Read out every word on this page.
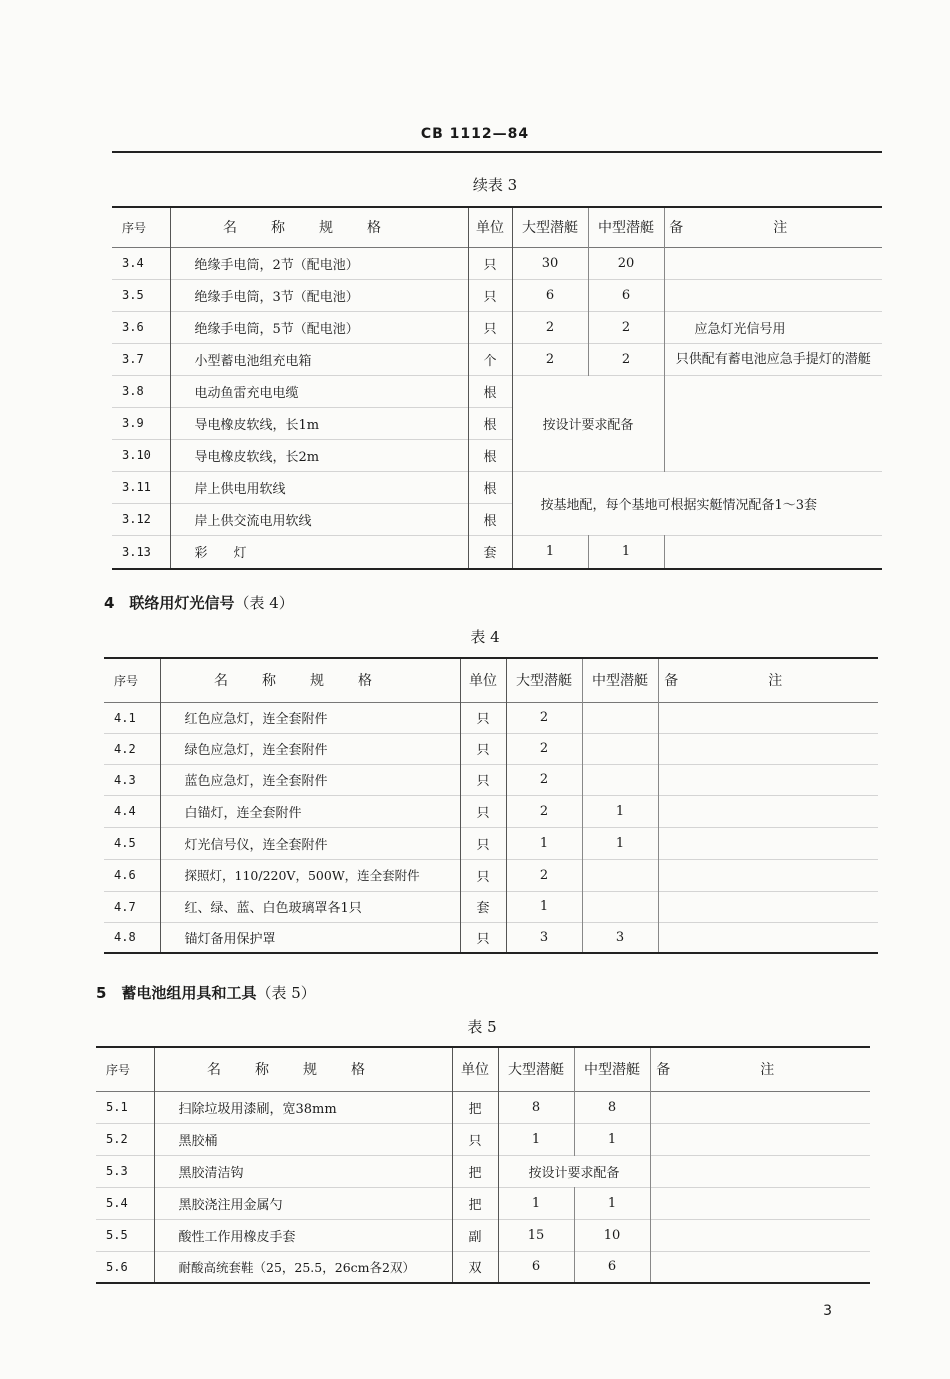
CB 1112—84
续表 3
序号	名称规格	单位	大型潜艇	中型潜艇	备注
3.4	绝缘手电筒，2节（配电池）	只	30	20	
3.5	绝缘手电筒，3节（配电池）	只	6	6	
3.6	绝缘手电筒，5节（配电池）	只	2	2	应急灯光信号用
3.7	小型蓄电池组充电箱	个	2	2	只供配有蓄电池应急手提灯的潜艇
3.8	电动鱼雷充电电缆	根	按设计要求配备		
3.9	导电橡皮软线，长1m	根			
3.10	导电橡皮软线，长2m	根			
3.11	岸上供电用软线	根	按基地配，每个基地可根据实艇情况配备1～3套		
3.12	岸上供交流电用软线	根			
3.13	彩　　灯	套	1	1	
4　联络用灯光信号（表 4）
表 4
序号	名称规格	单位	大型潜艇	中型潜艇	备注
4.1	红色应急灯，连全套附件	只	2		
4.2	绿色应急灯，连全套附件	只	2		
4.3	蓝色应急灯，连全套附件	只	2		
4.4	白锚灯，连全套附件	只	2	1	
4.5	灯光信号仪，连全套附件	只	1	1	
4.6	探照灯，110/220V，500W，连全套附件	只	2		
4.7	红、绿、蓝、白色玻璃罩各1只	套	1		
4.8	锚灯备用保护罩	只	3	3	
5　蓄电池组用具和工具（表 5）
表 5
序号	名称规格	单位	大型潜艇	中型潜艇	备注
5.1	扫除垃圾用漆刷，宽38mm	把	8	8	
5.2	黑胶桶	只	1	1	
5.3	黑胶清洁钩	把	按设计要求配备		
5.4	黑胶浇注用金属勺	把	1	1	
5.5	酸性工作用橡皮手套	副	15	10	
5.6	耐酸高统套鞋（25，25.5，26cm各2双）	双	6	6	
3
